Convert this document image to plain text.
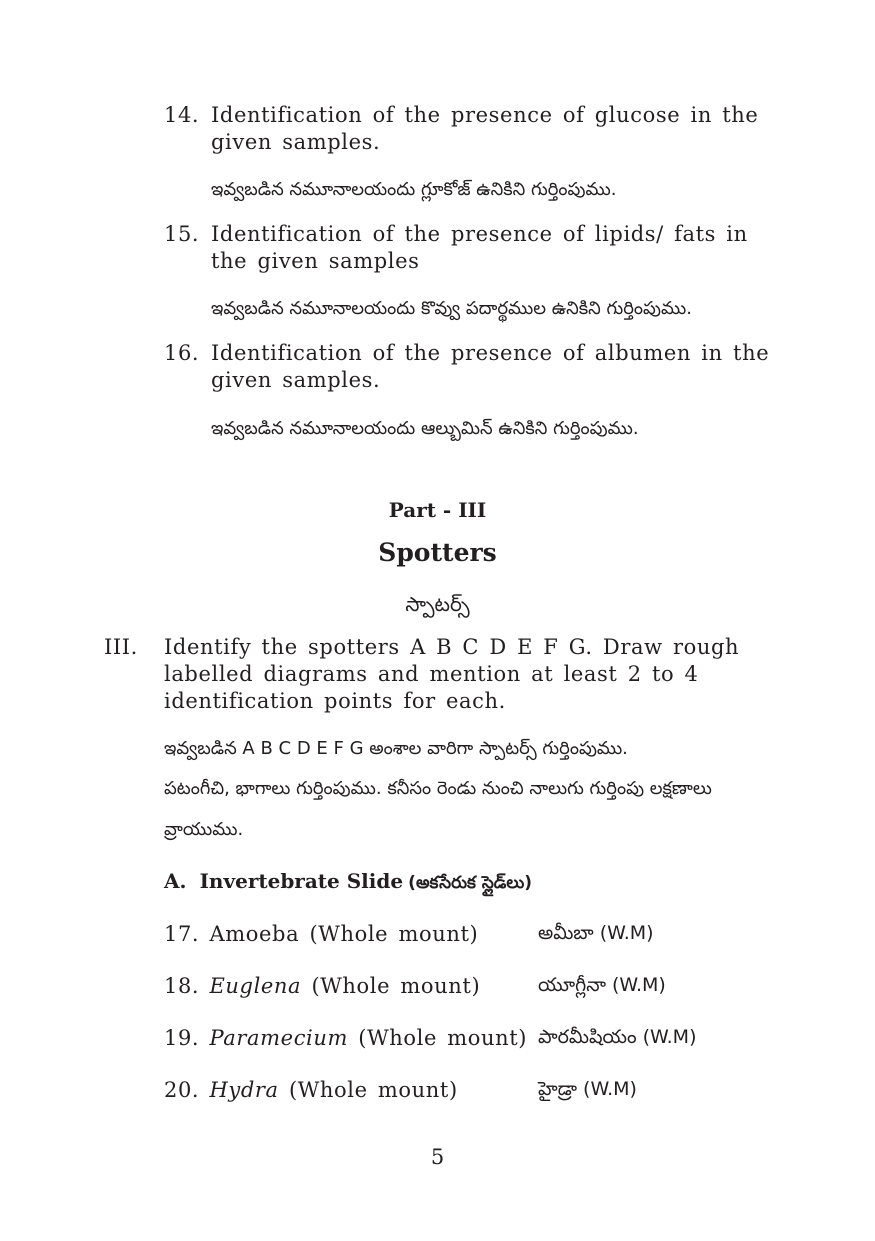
14. Identification of the presence of glucose in the
given samples.
ఇవ్వబడిన నమూనాలయందు గ్లూకోజ్ ఉనికిని గుర్తింపుము.
15. Identification of the presence of lipids/ fats in
the given samples
ఇవ్వబడిన నమూనాలయందు కొవ్వు పదార్థముల ఉనికిని గుర్తింపుము.
16. Identification of the presence of albumen in the
given samples.
ఇవ్వబడిన నమూనాలయందు ఆల్బుమిన్ ఉనికిని గుర్తింపుము.
Part - III
Spotters
స్పాటర్స్
III. Identify the spotters A B C D E F G. Draw rough
labelled diagrams and mention at least 2 to 4
identification points for each.
ఇవ్వబడిన A B C D E F G అంశాల వారిగా స్పాటర్స్ గుర్తింపుము.
పటంగీచి, భాగాలు గుర్తింపుము. కనీసం రెండు నుంచి నాలుగు గుర్తింపు లక్షణాలు
వ్రాయుము.
A. Invertebrate Slide (అకసేరుక స్లైడ్‌లు)
17. Amoeba (Whole mount)	అమీబా (W.M)
18. Euglena (Whole mount)	యూగ్లీనా (W.M)
19. Paramecium (Whole mount) పారమీషియం (W.M)
20. Hydra (Whole mount)	హైడ్రా (W.M)
5
